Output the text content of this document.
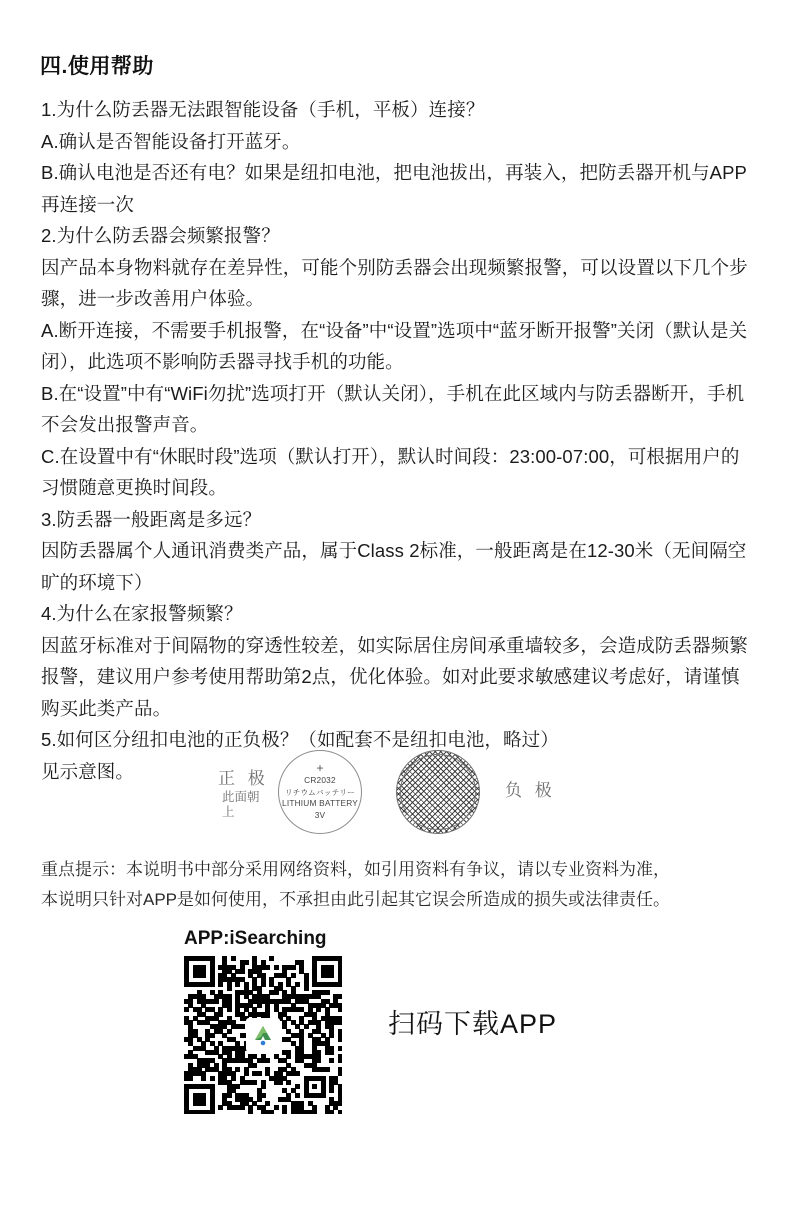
四.使用帮助

1.为什么防丢器无法跟智能设备（手机，平板）连接？

A.确认是否智能设备打开蓝牙。

B.确认电池是否还有电？如果是纽扣电池，把电池拔出，再装入，把防丢器开机与APP再连接一次

2.为什么防丢器会频繁报警？

因产品本身物料就存在差异性，可能个别防丢器会出现频繁报警，可以设置以下几个步骤，进一步改善用户体验。

A.断开连接，不需要手机报警，在“设备”中“设置”选项中“蓝牙断开报警”关闭（默认是关闭），此选项不影响防丢器寻找手机的功能。

B.在“设置”中有“WiFi勿扰”选项打开（默认关闭），手机在此区域内与防丢器断开，手机不会发出报警声音。

C.在设置中有“休眠时段”选项（默认打开），默认时间段：23:00-07:00，可根据用户的习惯随意更换时间段。

3.防丢器一般距离是多远？

因防丢器属个人通讯消费类产品，属于Class 2标准，一般距离是在12-30米（无间隔空旷的环境下）

4.为什么在家报警频繁？

因蓝牙标准对于间隔物的穿透性较差，如实际居住房间承重墙较多，会造成防丢器频繁报警，建议用户参考使用帮助第2点，优化体验。如对此要求敏感建议考虑好，请谨慎购买此类产品。

5.如何区分纽扣电池的正负极？（如配套不是纽扣电池，略过）

见示意图。	正 极
此面朝上
+
CR2032
リチウムバッテリー
LITHIUM BATTERY
3V
负 极

重点提示：本说明书中部分采用网络资料，如引用资料有争议，请以专业资料为准，

本说明只针对APP是如何使用，不承担由此引起其它误会所造成的损失或法律责任。

APP:iSearching
扫码下载APP
